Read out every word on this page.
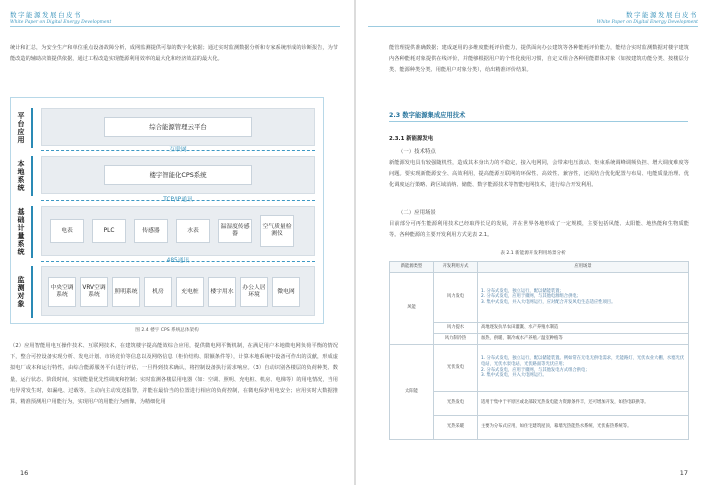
数字能源发展白皮书
White Paper on Digital Energy Development
统计和汇总，为安全生产和单位重点设备故障分析，成网监测提供可靠的数字化依据；通过实时监测数据分析和专家系统形成的诊断报告，为节能改造的辅助决策提供依据，通过工程改造实现能源利用效率的最大化和经济效益的最大化。
平台应用
本地系统
基础计量系统
监测对象
综合能源管理云平台
互联网
楼宇智能化CPS系统
TCP/IP通讯
电表	PLC	传感器	水表
温湿度传感器
空气质量检测仪
485通讯
中央空调系统
VRV空调系统
照明系统	机房	充电桩	楼宇用水
办公人居环境
微电网
图 2.4 楼宇 CPS 系统总体架构
（2）应用智能用电互操作技术、互联网技术，在建筑楼宇提高能效综合应用，提供微电网平衡机制，在满足用户本地微电网负荷平衡的情况下，整合可控设备实现分析、发电计划、市场竞价等信息以及网络信息（柜价结构、限额条件等），计算本地系统中设备可作出的贡献，形成虚拟电厂或本和运行特性，由综合能源服务平台进行评估，一旦得到技术确认，将控制设备执行需求响应。（3）自动识别各楼层的负荷种类、数量，运行状态、阶段时间，实现能量优先性调度和控制；实时监测各楼层用电器（如：空调、照明、充电桩、机房、电梯等）的用电情况，当用电异常发生时，如漏电、过载等，主动向主动发送报警，并能在最恰当的位置进行相应的负荷控制，在微电保护用电安全；应用实时大数据推算，精准预测用户用能行为，实现用户的用能行为画像，为精细化用
16
数字能源发展白皮书
White Paper on Digital Energy Development
能管理提供准确数据；建成逐用的多维度能耗评价能力，提供面向办公建筑等各种能耗评价能力，能结合实时监测数据对楼宇建筑内各种能耗对象提供在线评价，并能够根据用户的个性化使用习惯，自定义组合各种用能群体对象（如按建筑功能分类、按楼层分类、能源种类分类、用能用户对象分类），给出精准评价结果。
2.3 数字能源集成应用技术
2.3.1 新能源发电
（一）技术特点
新能源发电具有较强随机性，造成其本身出力的不稳定，接入电网同，会带来电压波动、矩束系统调峰调频负担、增大调度难度等问题。要实现新能源安全、高效利用，提高能源互联网的环保性、高效性、兼容性，还需结合优化配置与布局、电能质量治理、优化调度运行策略、跨区域消纳、储能、数字能源技术等智能电网技术，进行综合开发利用。
（二）应用场景
目前部分可再生能源利用技术已经取得长足的发展，并在世界各地形成了一定规模，主要包括风能、太阳能、地热能和生物质能等。各种能源的主要开发利用方式见表 2.1。
表 2.1 新能源开发利用场景分析
新能源类型	开发利用方式	应用场景
风能	风力发电	1. 分布式发电，独立运行，配以储能装置；
2. 分布式发电，应用于微网，与其他电源组合供电；
3. 集中式发电，并入大电网运行，应对配合开发风电生态适应性项目。
	风力提水	高地逐发抗旱农田灌溉、水产养殖水制造
	风力制冷热	加热、供暖、制冷或水产养殖／温室种植等
太阳能	光伏发电	1. 分布式发电，独立运行，配以储能装置。例如常在无电无供电需求，光能路灯、光伏农业大棚、水塞光伏电站、光伏水泵电站、光伏路面等光伏应用；
2. 分布式发电，应用于微网，与其他发电方式组合供电；
3. 集中式发电，并入大电网运行。
	光热发电	适用于集中于平原区或北部较光热发电能力资源条件丰，还可增加开发，如热电联供等。
	光热采暖	主要为分布式应用，如住宅建筑屋顶、幕墙光热能热水系统、光伏畜热系统等。
17
